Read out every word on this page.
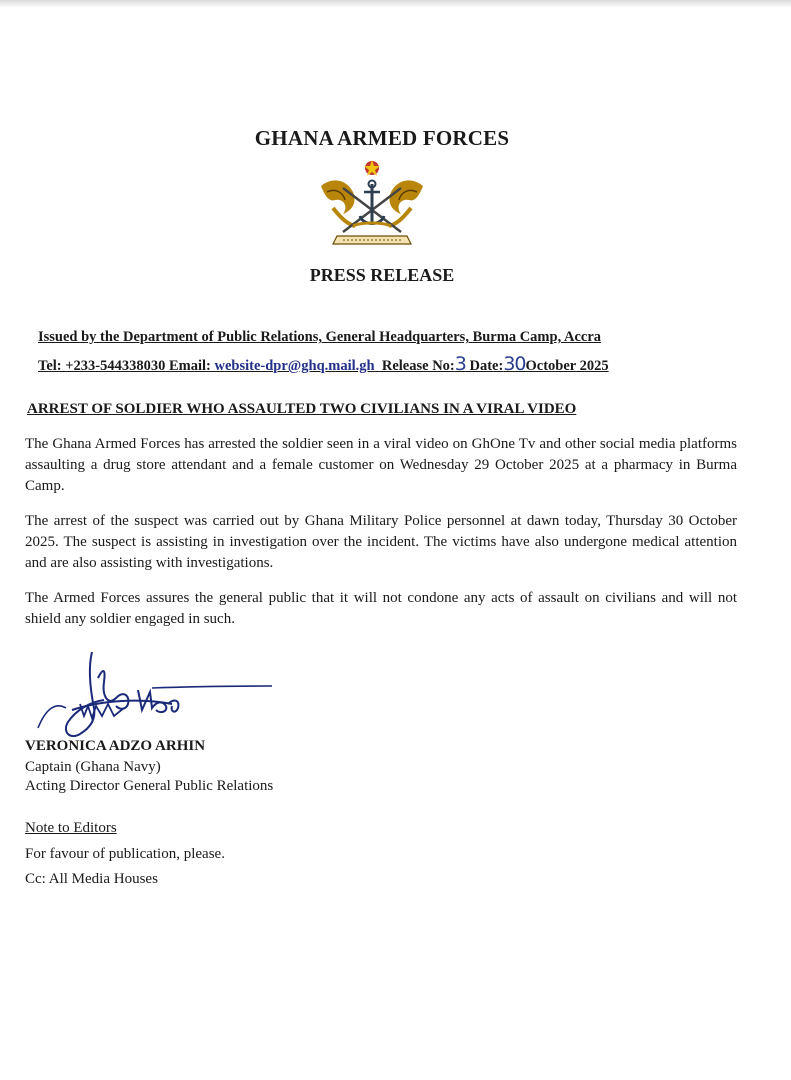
GHANA ARMED FORCES
PRESS RELEASE
Issued by the Department of Public Relations, General Headquarters, Burma Camp, Accra
Tel: +233-544338030 Email: website-dpr@ghq.mail.gh Release No:3 Date:30October 2025
ARREST OF SOLDIER WHO ASSAULTED TWO CIVILIANS IN A VIRAL VIDEO

The Ghana Armed Forces has arrested the soldier seen in a viral video on GhOne Tv and other social media platforms assaulting a drug store attendant and a female customer on Wednesday 29 October 2025 at a pharmacy in Burma Camp.

The arrest of the suspect was carried out by Ghana Military Police personnel at dawn today, Thursday 30 October 2025. The suspect is assisting in investigation over the incident. The victims have also undergone medical attention and are also assisting with investigations.

The Armed Forces assures the general public that it will not condone any acts of assault on civilians and will not shield any soldier engaged in such.

VERONICA ADZO ARHIN
Captain (Ghana Navy)
Acting Director General Public Relations
Note to Editors
For favour of publication, please.
Cc: All Media Houses
